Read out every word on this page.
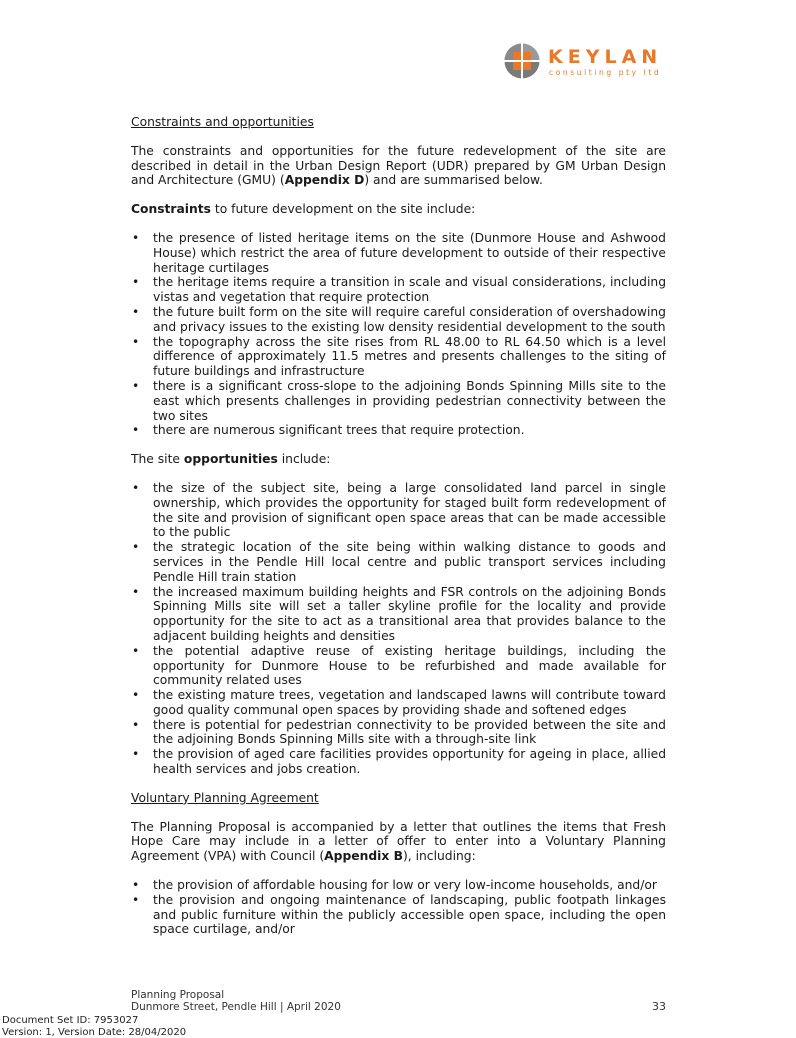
KEYLAN
consulting pty ltd

Constraints and opportunities

The constraints and opportunities for the future redevelopment of the site are described in detail in the Urban Design Report (UDR) prepared by GM Urban Design and Architecture (GMU) (Appendix D) and are summarised below.

Constraints to future development on the site include:

• the presence of listed heritage items on the site (Dunmore House and Ashwood House) which restrict the area of future development to outside of their respective heritage curtilages
• the heritage items require a transition in scale and visual considerations, including vistas and vegetation that require protection
• the future built form on the site will require careful consideration of overshadowing and privacy issues to the existing low density residential development to the south
• the topography across the site rises from RL 48.00 to RL 64.50 which is a level difference of approximately 11.5 metres and presents challenges to the siting of future buildings and infrastructure
• there is a significant cross-slope to the adjoining Bonds Spinning Mills site to the east which presents challenges in providing pedestrian connectivity between the two sites
• there are numerous significant trees that require protection.

The site opportunities include:

• the size of the subject site, being a large consolidated land parcel in single ownership, which provides the opportunity for staged built form redevelopment of the site and provision of significant open space areas that can be made accessible to the public
• the strategic location of the site being within walking distance to goods and services in the Pendle Hill local centre and public transport services including Pendle Hill train station
• the increased maximum building heights and FSR controls on the adjoining Bonds Spinning Mills site will set a taller skyline profile for the locality and provide opportunity for the site to act as a transitional area that provides balance to the adjacent building heights and densities
• the potential adaptive reuse of existing heritage buildings, including the opportunity for Dunmore House to be refurbished and made available for community related uses
• the existing mature trees, vegetation and landscaped lawns will contribute toward good quality communal open spaces by providing shade and softened edges
• there is potential for pedestrian connectivity to be provided between the site and the adjoining Bonds Spinning Mills site with a through-site link
• the provision of aged care facilities provides opportunity for ageing in place, allied health services and jobs creation.

Voluntary Planning Agreement

The Planning Proposal is accompanied by a letter that outlines the items that Fresh Hope Care may include in a letter of offer to enter into a Voluntary Planning Agreement (VPA) with Council (Appendix B), including:

• the provision of affordable housing for low or very low-income households, and/or
• the provision and ongoing maintenance of landscaping, public footpath linkages and public furniture within the publicly accessible open space, including the open space curtilage, and/or
Planning Proposal
Dunmore Street, Pendle Hill | April 2020	33
Document Set ID: 7953027
Version: 1, Version Date: 28/04/2020
